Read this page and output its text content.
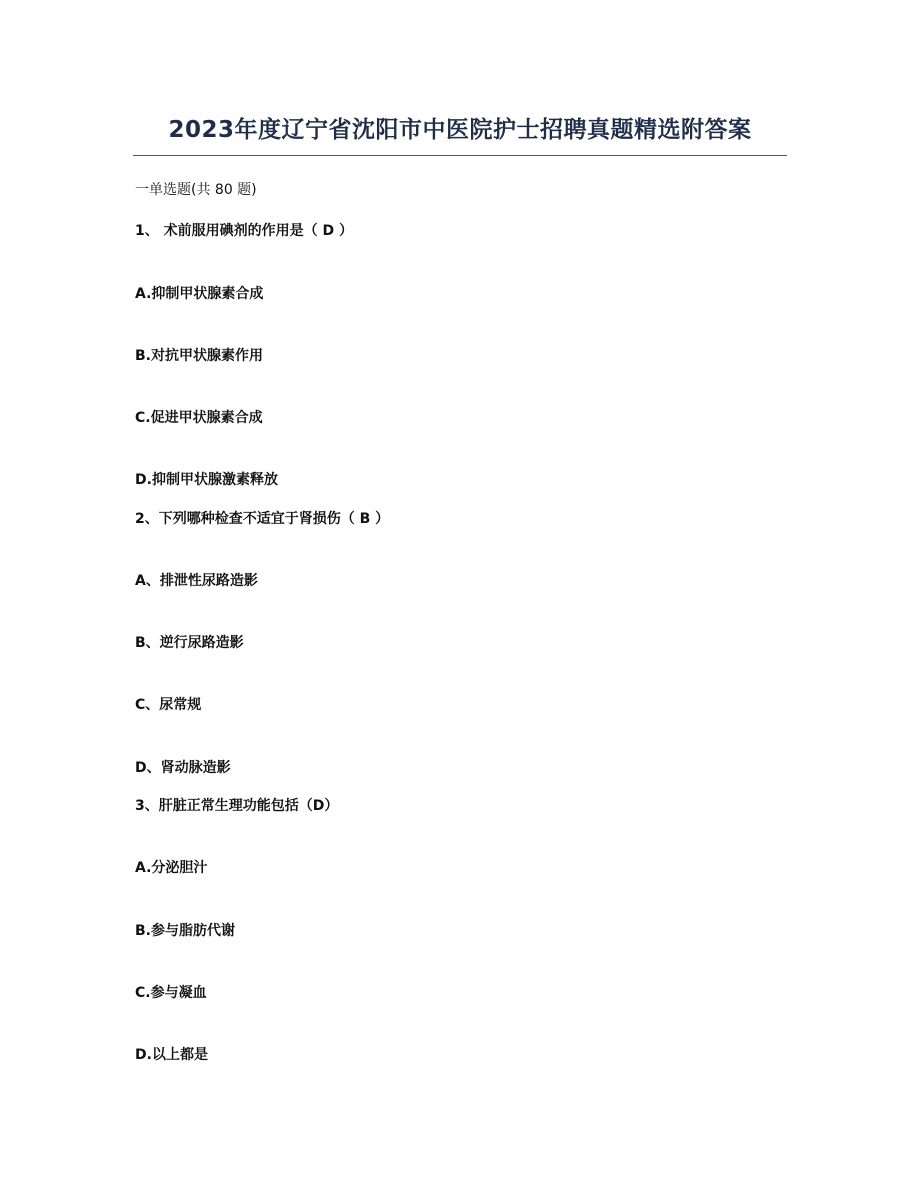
2023年度辽宁省沈阳市中医院护士招聘真题精选附答案
一单选题(共 80 题)
1、 术前服用碘剂的作用是（ D ）
A.抑制甲状腺素合成
B.对抗甲状腺素作用
C.促进甲状腺素合成
D.抑制甲状腺激素释放
2、下列哪种检查不适宜于肾损伤（ B ）
A、排泄性尿路造影
B、逆行尿路造影
C、尿常规
D、肾动脉造影
3、肝脏正常生理功能包括（D）
A.分泌胆汁
B.参与脂肪代谢
C.参与凝血
D.以上都是
